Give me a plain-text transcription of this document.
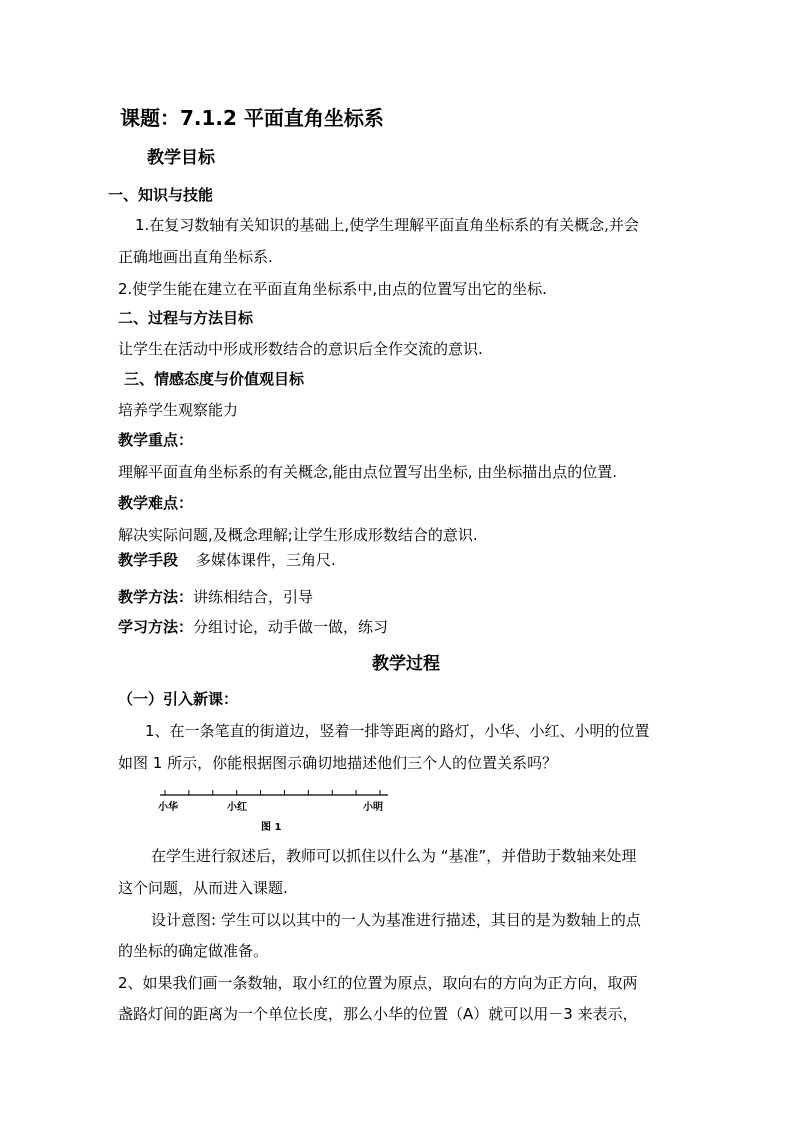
课题：7.1.2 平面直角坐标系
教学目标
一、知识与技能
1.在复习数轴有关知识的基础上,使学生理解平面直角坐标系的有关概念,并会
正确地画出直角坐标系.
2.使学生能在建立在平面直角坐标系中,由点的位置写出它的坐标.
二、过程与方法目标
让学生在活动中形成形数结合的意识后全作交流的意识.
三、情感态度与价值观目标
培养学生观察能力
教学重点：
理解平面直角坐标系的有关概念,能由点位置写出坐标, 由坐标描出点的位置.
教学难点：
解决实际问题,及概念理解;让学生形成形数结合的意识.
教学手段 多媒体课件，三角尺.
教学方法：讲练相结合，引导
学习方法：分组讨论，动手做一做，练习
教学过程
（一）引入新课：
1、在一条笔直的街道边，竖着一排等距离的路灯，小华、小红、小明的位置
如图 1 所示，你能根据图示确切地描述他们三个人的位置关系吗？
小华	小红	小明
图 1
在学生进行叙述后，教师可以抓住以什么为 “基准”，并借助于数轴来处理
这个问题，从而进入课题.
设计意图: 学生可以以其中的一人为基准进行描述，其目的是为数轴上的点
的坐标的确定做准备。
2、如果我们画一条数轴，取小红的位置为原点，取向右的方向为正方向，取两
盏路灯间的距离为一个单位长度，那么小华的位置（A）就可以用－3 来表示，
